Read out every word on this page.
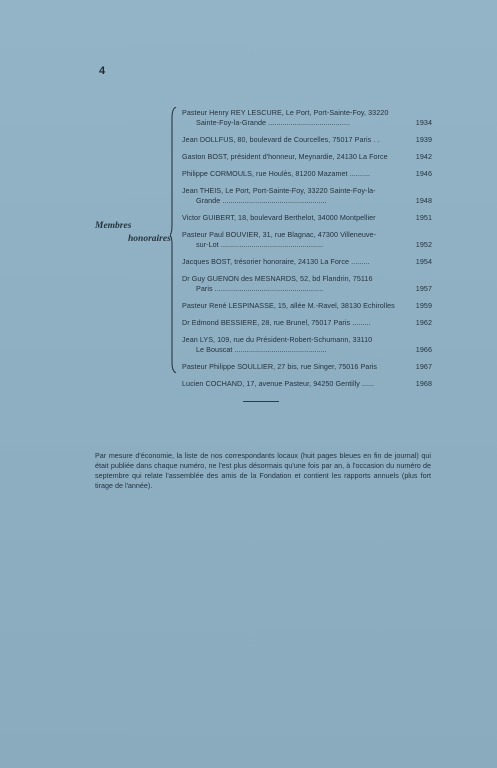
4
Membres
honoraires
Pasteur Henry REY LESCURE, Le Port, Port-Sainte-Foy, 33220
Sainte-Foy-la-Grande ........................................	1934
Jean DOLLFUS, 80, boulevard de Courcelles, 75017 Paris . .	1939
Gaston BOST, président d'honneur, Meynardie, 24130 La Force	1942
Philippe CORMOULS, rue Houlès, 81200 Mazamet ..........	1946
Jean THEIS, Le Port, Port-Sainte-Foy, 33220 Sainte-Foy-la-
Grande ...................................................	1948
Victor GUIBERT, 18, boulevard Berthelot, 34000 Montpellier	1951
Pasteur Paul BOUVIER, 31, rue Blagnac, 47300 Villeneuve-
sur-Lot ..................................................	1952
Jacques BOST, trésorier honoraire, 24130 La Force .........	1954
Dr Guy GUENON des MESNARDS, 52, bd Flandrin, 75116
Paris .....................................................	1957
Pasteur René LESPINASSE, 15, allée M.-Ravel, 38130 Echirolles	1959
Dr Edmond BESSIERE, 28, rue Brunel, 75017 Paris .........	1962
Jean LYS, 109, rue du Président-Robert-Schumann, 33110
Le Bouscat .............................................	1966
Pasteur Philippe SOULLIER, 27 bis, rue Singer, 75016 Paris	1967
Lucien COCHAND, 17, avenue Pasteur, 94250 Gentilly ......	1968
Par mesure d'économie, la liste de nos correspondants locaux (huit pages bleues en fin de journal) qui était publiée dans chaque numéro, ne l'est plus désormais qu'une fois par an, à l'occasion du numéro de septembre qui relate l'assemblée des amis de la Fondation et contient les rapports annuels (plus fort tirage de l'année).
